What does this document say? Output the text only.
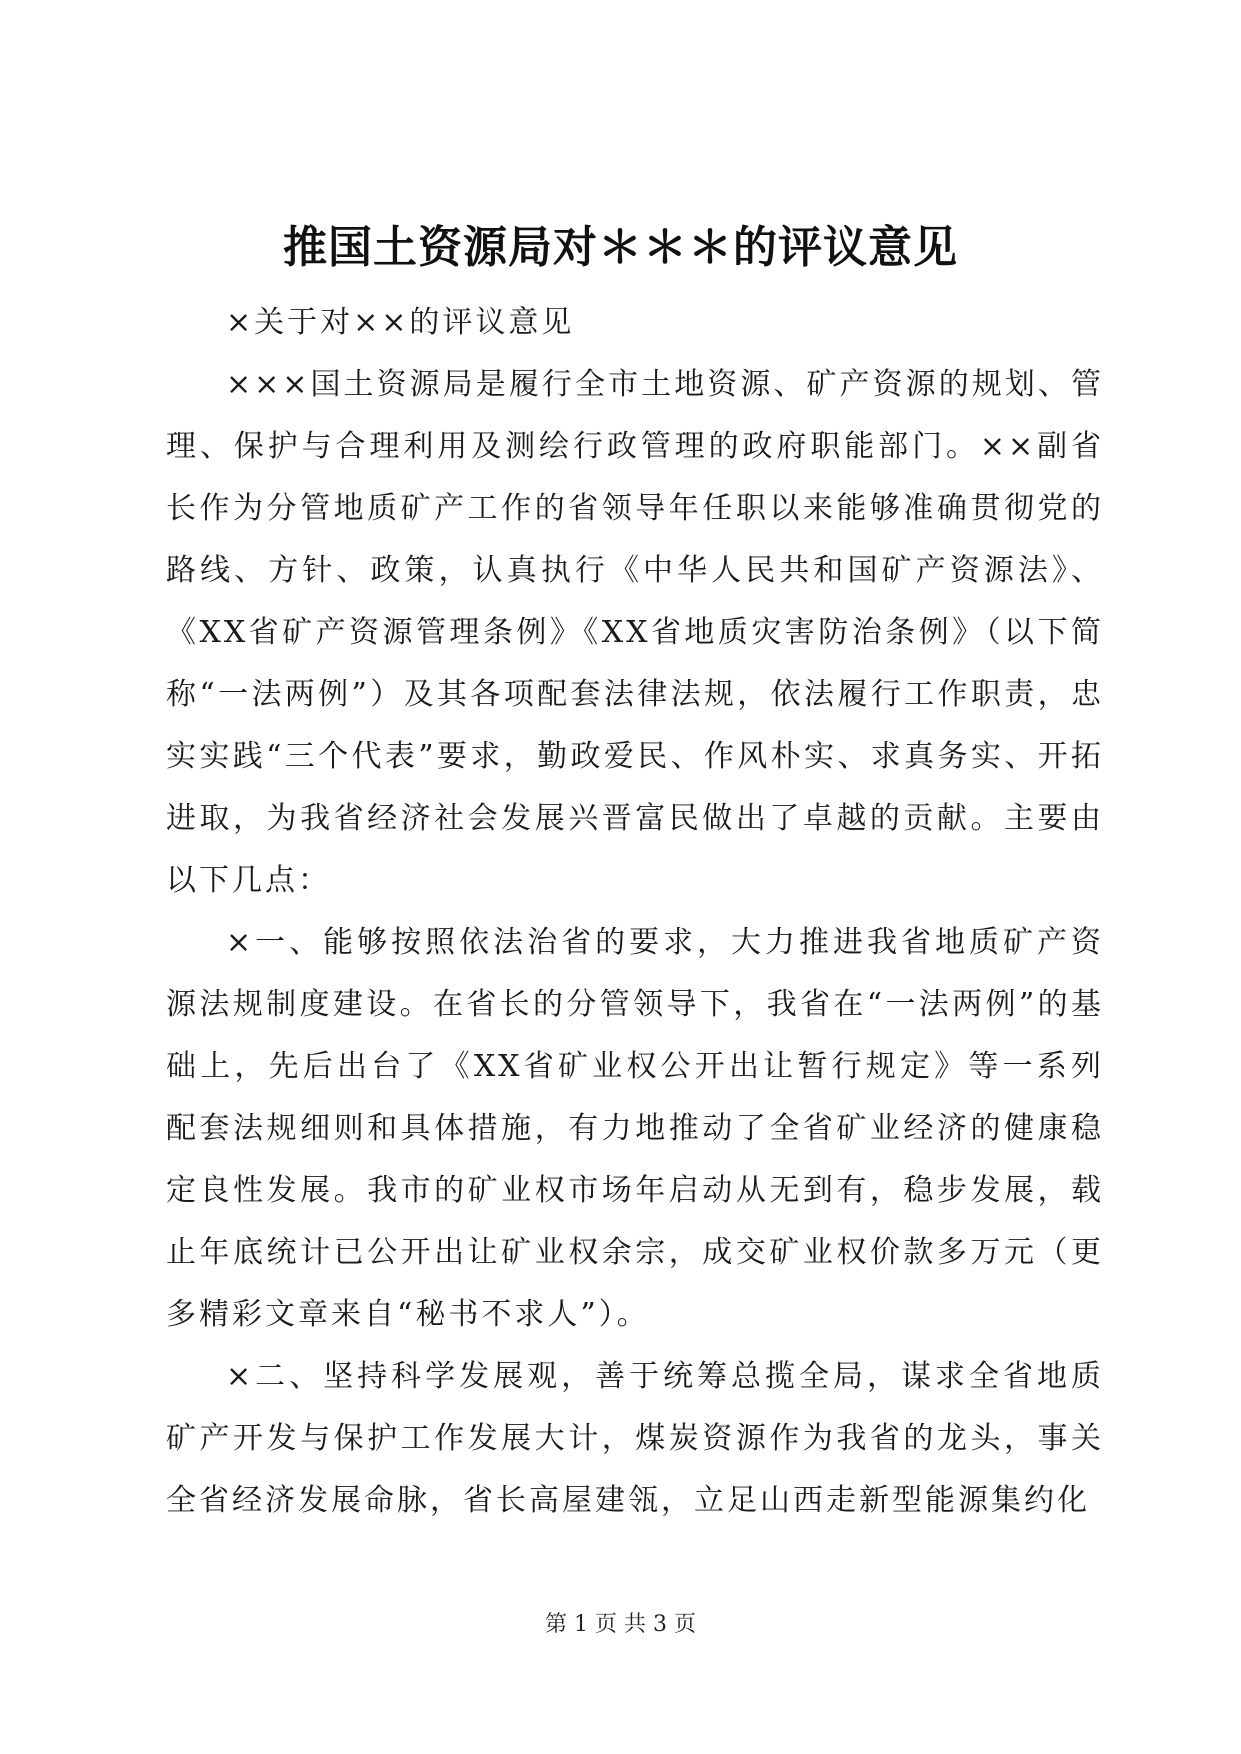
推国土资源局对＊＊＊的评议意见

×关于对××的评议意见

×××国土资源局是履行全市土地资源、矿产资源的规划、管理、保护与合理利用及测绘行政管理的政府职能部门。××副省长作为分管地质矿产工作的省领导年任职以来能够准确贯彻党的路线、方针、政策，认真执行《中华人民共和国矿产资源法》、《XX省矿产资源管理条例》《XX省地质灾害防治条例》（以下简称“一法两例”）及其各项配套法律法规，依法履行工作职责，忠实实践“三个代表”要求，勤政爱民、作风朴实、求真务实、开拓进取，为我省经济社会发展兴晋富民做出了卓越的贡献。主要由以下几点：

×一、能够按照依法治省的要求，大力推进我省地质矿产资源法规制度建设。在省长的分管领导下，我省在“一法两例”的基础上，先后出台了《XX省矿业权公开出让暂行规定》等一系列配套法规细则和具体措施，有力地推动了全省矿业经济的健康稳定良性发展。我市的矿业权市场年启动从无到有，稳步发展，载止年底统计已公开出让矿业权余宗，成交矿业权价款多万元（更多精彩文章来自“秘书不求人”）。

×二、坚持科学发展观，善于统筹总揽全局，谋求全省地质矿产开发与保护工作发展大计，煤炭资源作为我省的龙头，事关全省经济发展命脉，省长高屋建瓴，立足山西走新型能源集约化

第 1 页 共 3 页
